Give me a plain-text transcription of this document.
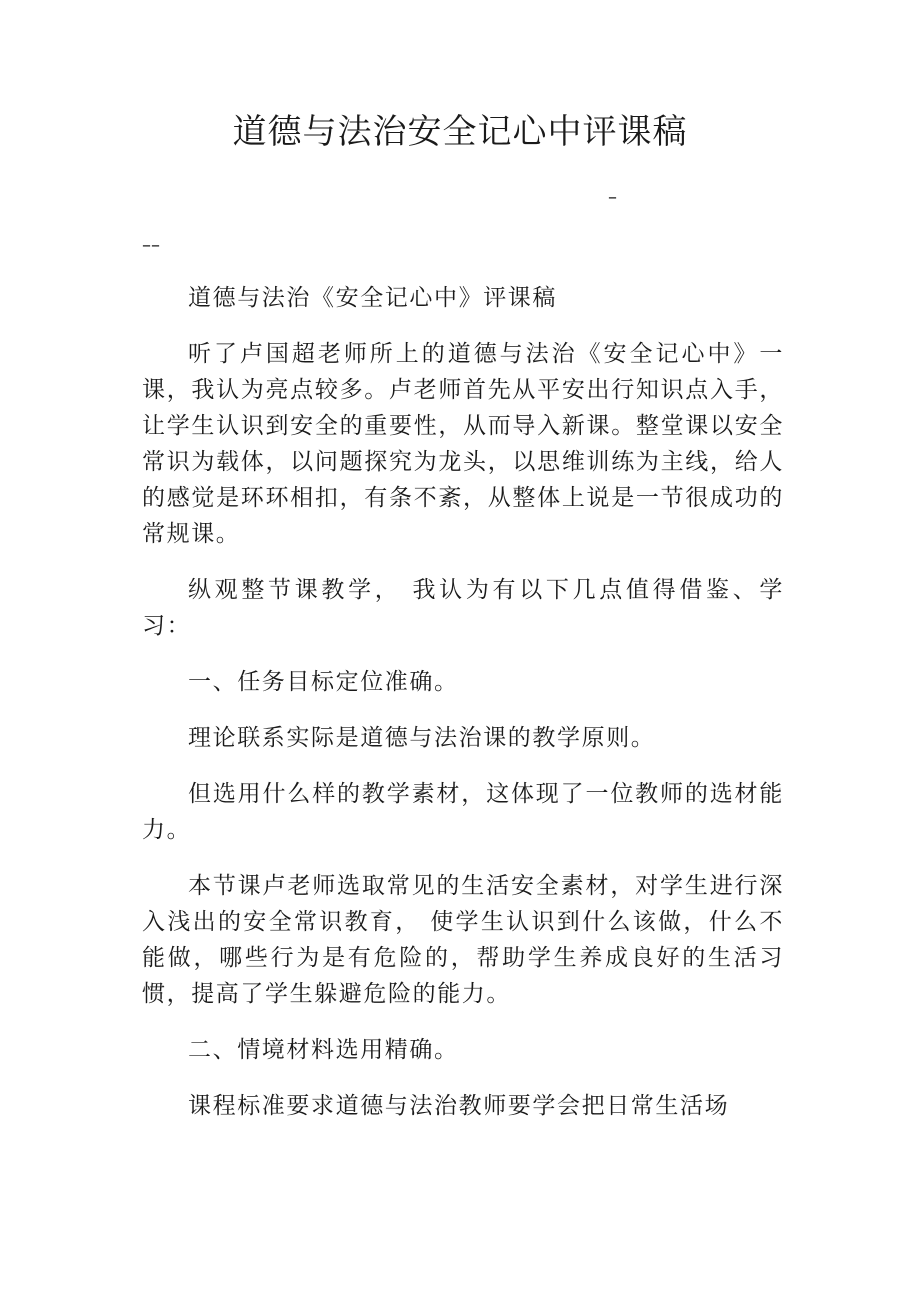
道德与法治安全记心中评课稿
–
––

道德与法治《安全记心中》评课稿

听了卢国超老师所上的道德与法治《安全记心中》一课，我认为亮点较多。卢老师首先从平安出行知识点入手，让学生认识到安全的重要性，从而导入新课。整堂课以安全常识为载体，以问题探究为龙头，以思维训练为主线，给人的感觉是环环相扣，有条不紊，从整体上说是一节很成功的常规课。

纵观整节课教学， 我认为有以下几点值得借鉴、学习：

一、任务目标定位准确。

理论联系实际是道德与法治课的教学原则。

但选用什么样的教学素材，这体现了一位教师的选材能力。

本节课卢老师选取常见的生活安全素材，对学生进行深入浅出的安全常识教育， 使学生认识到什么该做，什么不能做，哪些行为是有危险的，帮助学生养成良好的生活习惯，提高了学生躲避危险的能力。

二、情境材料选用精确。

课程标准要求道德与法治教师要学会把日常生活场
